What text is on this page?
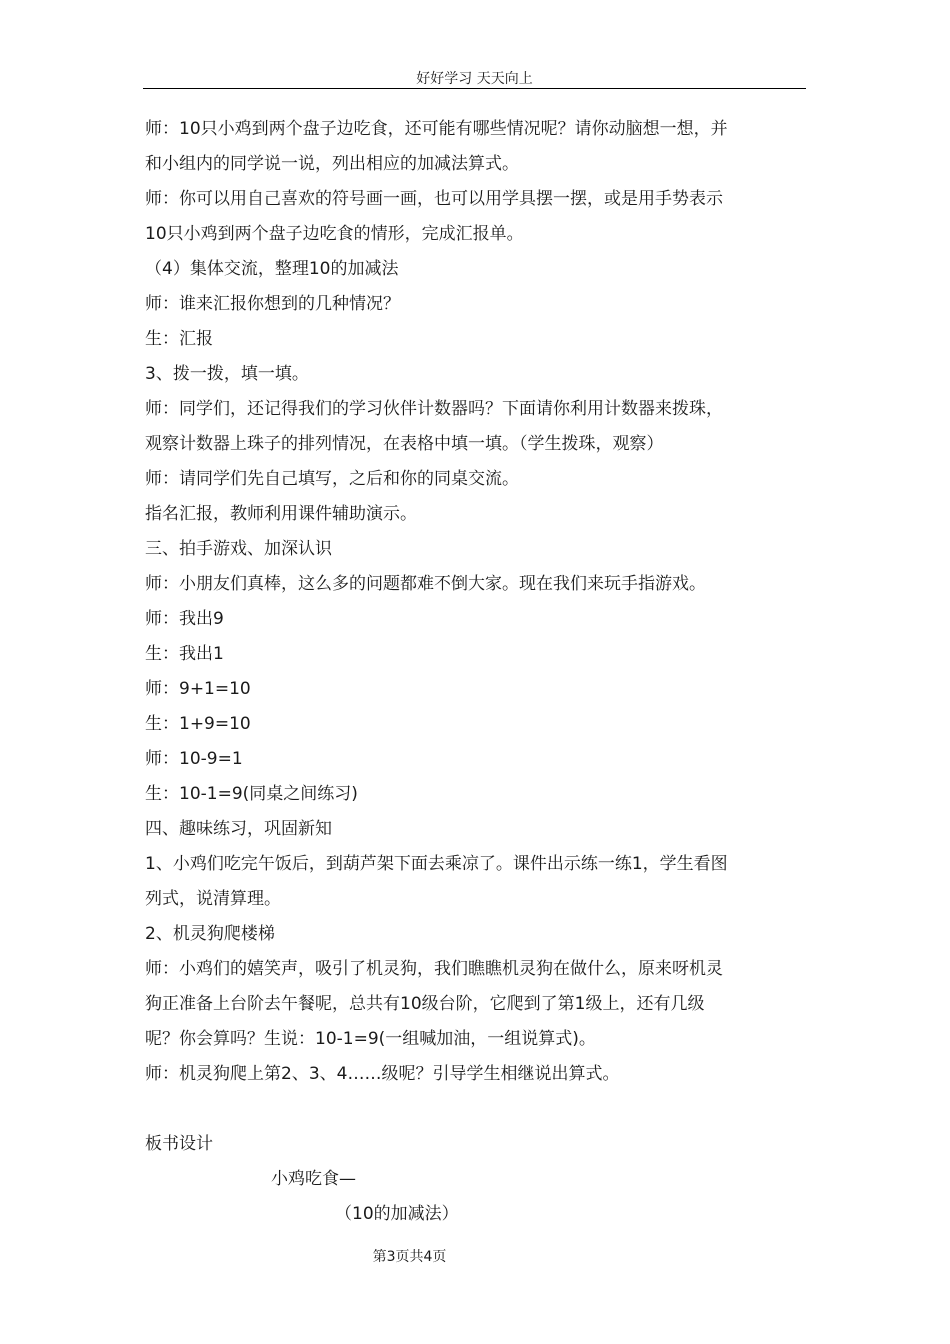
好好学习 天天向上

师：10只小鸡到两个盘子边吃食，还可能有哪些情况呢？请你动脑想一想，并

和小组内的同学说一说，列出相应的加减法算式。

师：你可以用自己喜欢的符号画一画，也可以用学具摆一摆，或是用手势表示

10只小鸡到两个盘子边吃食的情形，完成汇报单。

（4）集体交流，整理10的加减法

师：谁来汇报你想到的几种情况？

生：汇报

3、拨一拨，填一填。

师：同学们，还记得我们的学习伙伴计数器吗？下面请你利用计数器来拨珠，

观察计数器上珠子的排列情况，在表格中填一填。（学生拨珠，观察）

师：请同学们先自己填写，之后和你的同桌交流。

指名汇报，教师利用课件辅助演示。

三、拍手游戏、加深认识

师：小朋友们真棒，这么多的问题都难不倒大家。现在我们来玩手指游戏。

师：我出9

生：我出1

师：9+1=10

生：1+9=10

师：10-9=1

生：10-1=9(同桌之间练习)

四、趣味练习，巩固新知

1、小鸡们吃完午饭后，到葫芦架下面去乘凉了。课件出示练一练1，学生看图

列式，说清算理。

2、机灵狗爬楼梯

师：小鸡们的嬉笑声，吸引了机灵狗，我们瞧瞧机灵狗在做什么，原来呀机灵

狗正准备上台阶去午餐呢，总共有10级台阶，它爬到了第1级上，还有几级

呢？你会算吗？生说：10-1=9(一组喊加油，一组说算式)。

师：机灵狗爬上第2、3、4……级呢？引导学生相继说出算式。

板书设计

小鸡吃食—

（10的加减法）

第3页共4页
